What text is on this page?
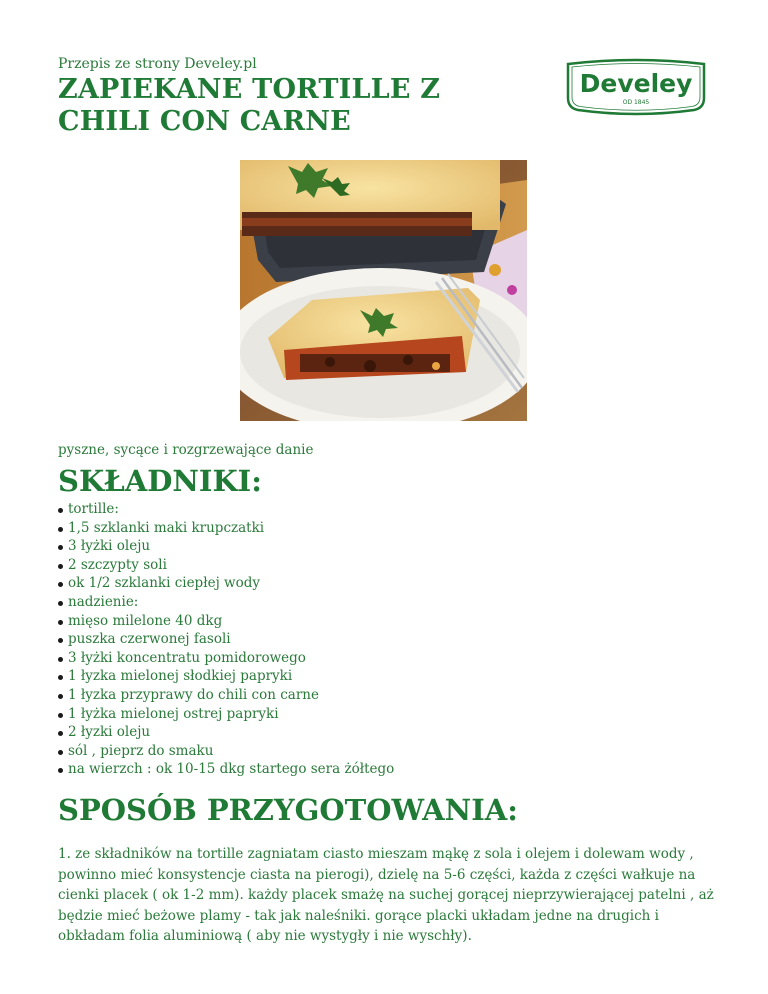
Przepis ze strony Develey.pl
ZAPIEKANE TORTILLE Z CHILI CON CARNE
Develey
OD 1845
pyszne, sycące i rozgrzewające danie
SKŁADNIKI:
tortille:
1,5 szklanki maki krupczatki
3 łyżki oleju
2 szczypty soli
ok 1/2 szklanki ciepłej wody
nadzienie:
mięso milelone 40 dkg
puszka czerwonej fasoli
3 łyżki koncentratu pomidorowego
1 łyzka mielonej słodkiej papryki
1 łyzka przyprawy do chili con carne
1 łyżka mielonej ostrej papryki
2 łyzki oleju
sól , pieprz do smaku
na wierzch : ok 10-15 dkg startego sera żółtego
SPOSÓB PRZYGOTOWANIA:

1. ze składników na tortille zagniatam ciasto mieszam mąkę z sola i olejem i dolewam wody , powinno mieć konsystencje ciasta na pierogi), dzielę na 5-6 części, każda z części wałkuje na cienki placek ( ok 1-2 mm). każdy placek smażę na suchej gorącej nieprzywierającej patelni , aż będzie mieć beżowe plamy - tak jak naleśniki. gorące placki układam jedne na drugich i obkładam folia aluminiową ( aby nie wystygły i nie wyschły).
